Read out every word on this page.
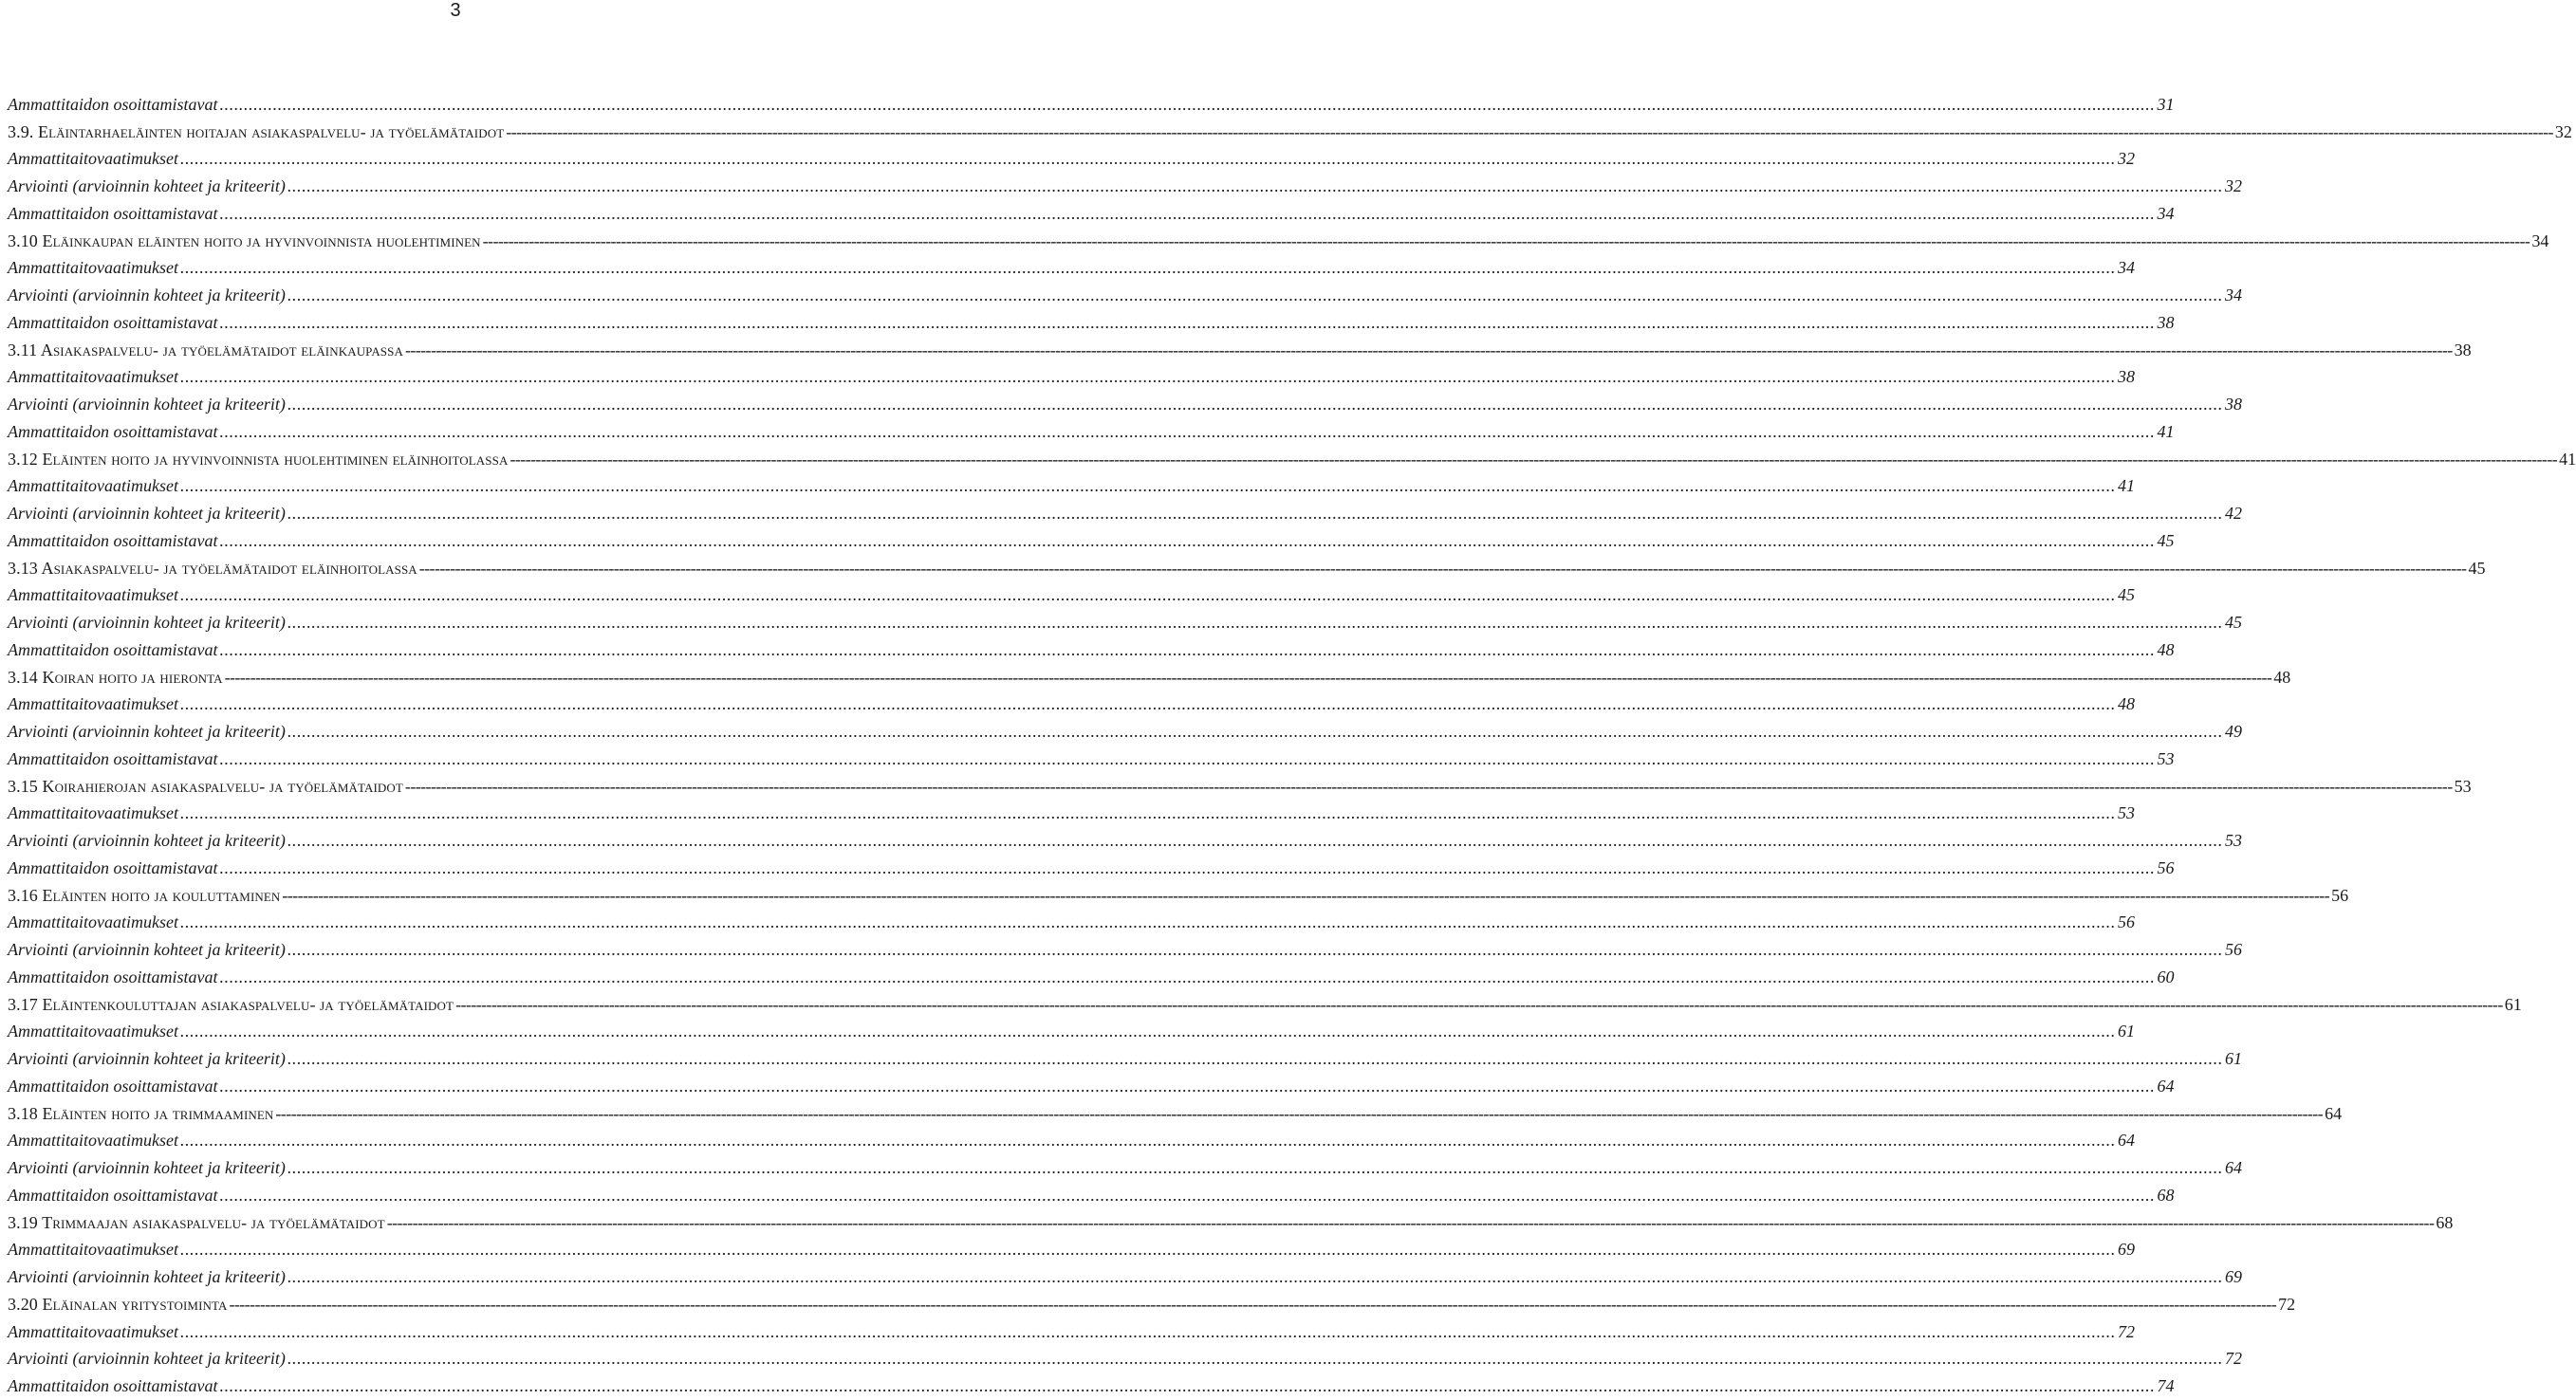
3
Ammattitaidon osoittamistavat ................................................................................................................................................................................................................................................................................................................................................................................................................ 31
3.9. Eläintarhaeläinten hoitajan asiakaspalvelu- ja työelämätaidot ---------------------------------------------------------------------------------------------------------------------------------------------------------------------------------------------------------------------------------------------------------------------------------------------------------------------------------------------------------------------------------------------------------------- 32
Ammattitaitovaatimukset ................................................................................................................................................................................................................................................................................................................................................................................................................ 32
Arviointi (arvioinnin kohteet ja kriteerit) ................................................................................................................................................................................................................................................................................................................................................................................................................ 32
Ammattitaidon osoittamistavat ................................................................................................................................................................................................................................................................................................................................................................................................................ 34
3.10 Eläinkaupan eläinten hoito ja hyvinvoinnista huolehtiminen ---------------------------------------------------------------------------------------------------------------------------------------------------------------------------------------------------------------------------------------------------------------------------------------------------------------------------------------------------------------------------------------------------------------- 34
Ammattitaitovaatimukset ................................................................................................................................................................................................................................................................................................................................................................................................................ 34
Arviointi (arvioinnin kohteet ja kriteerit) ................................................................................................................................................................................................................................................................................................................................................................................................................ 34
Ammattitaidon osoittamistavat ................................................................................................................................................................................................................................................................................................................................................................................................................ 38
3.11 Asiakaspalvelu- ja työelämätaidot eläinkaupassa ---------------------------------------------------------------------------------------------------------------------------------------------------------------------------------------------------------------------------------------------------------------------------------------------------------------------------------------------------------------------------------------------------------------- 38
Ammattitaitovaatimukset ................................................................................................................................................................................................................................................................................................................................................................................................................ 38
Arviointi (arvioinnin kohteet ja kriteerit) ................................................................................................................................................................................................................................................................................................................................................................................................................ 38
Ammattitaidon osoittamistavat ................................................................................................................................................................................................................................................................................................................................................................................................................ 41
3.12 Eläinten hoito ja hyvinvoinnista huolehtiminen eläinhoitolassa ---------------------------------------------------------------------------------------------------------------------------------------------------------------------------------------------------------------------------------------------------------------------------------------------------------------------------------------------------------------------------------------------------------------- 41
Ammattitaitovaatimukset ................................................................................................................................................................................................................................................................................................................................................................................................................ 41
Arviointi (arvioinnin kohteet ja kriteerit) ................................................................................................................................................................................................................................................................................................................................................................................................................ 42
Ammattitaidon osoittamistavat ................................................................................................................................................................................................................................................................................................................................................................................................................ 45
3.13 Asiakaspalvelu- ja työelämätaidot eläinhoitolassa ---------------------------------------------------------------------------------------------------------------------------------------------------------------------------------------------------------------------------------------------------------------------------------------------------------------------------------------------------------------------------------------------------------------- 45
Ammattitaitovaatimukset ................................................................................................................................................................................................................................................................................................................................................................................................................ 45
Arviointi (arvioinnin kohteet ja kriteerit) ................................................................................................................................................................................................................................................................................................................................................................................................................ 45
Ammattitaidon osoittamistavat ................................................................................................................................................................................................................................................................................................................................................................................................................ 48
3.14 Koiran hoito ja hieronta ---------------------------------------------------------------------------------------------------------------------------------------------------------------------------------------------------------------------------------------------------------------------------------------------------------------------------------------------------------------------------------------------------------------- 48
Ammattitaitovaatimukset ................................................................................................................................................................................................................................................................................................................................................................................................................ 48
Arviointi (arvioinnin kohteet ja kriteerit) ................................................................................................................................................................................................................................................................................................................................................................................................................ 49
Ammattitaidon osoittamistavat ................................................................................................................................................................................................................................................................................................................................................................................................................ 53
3.15 Koirahierojan asiakaspalvelu- ja työelämätaidot ---------------------------------------------------------------------------------------------------------------------------------------------------------------------------------------------------------------------------------------------------------------------------------------------------------------------------------------------------------------------------------------------------------------- 53
Ammattitaitovaatimukset ................................................................................................................................................................................................................................................................................................................................................................................................................ 53
Arviointi (arvioinnin kohteet ja kriteerit) ................................................................................................................................................................................................................................................................................................................................................................................................................ 53
Ammattitaidon osoittamistavat ................................................................................................................................................................................................................................................................................................................................................................................................................ 56
3.16 Eläinten hoito ja kouluttaminen ---------------------------------------------------------------------------------------------------------------------------------------------------------------------------------------------------------------------------------------------------------------------------------------------------------------------------------------------------------------------------------------------------------------- 56
Ammattitaitovaatimukset ................................................................................................................................................................................................................................................................................................................................................................................................................ 56
Arviointi (arvioinnin kohteet ja kriteerit) ................................................................................................................................................................................................................................................................................................................................................................................................................ 56
Ammattitaidon osoittamistavat ................................................................................................................................................................................................................................................................................................................................................................................................................ 60
3.17 Eläintenkouluttajan asiakaspalvelu- ja työelämätaidot ---------------------------------------------------------------------------------------------------------------------------------------------------------------------------------------------------------------------------------------------------------------------------------------------------------------------------------------------------------------------------------------------------------------- 61
Ammattitaitovaatimukset ................................................................................................................................................................................................................................................................................................................................................................................................................ 61
Arviointi (arvioinnin kohteet ja kriteerit) ................................................................................................................................................................................................................................................................................................................................................................................................................ 61
Ammattitaidon osoittamistavat ................................................................................................................................................................................................................................................................................................................................................................................................................ 64
3.18 Eläinten hoito ja trimmaaminen ---------------------------------------------------------------------------------------------------------------------------------------------------------------------------------------------------------------------------------------------------------------------------------------------------------------------------------------------------------------------------------------------------------------- 64
Ammattitaitovaatimukset ................................................................................................................................................................................................................................................................................................................................................................................................................ 64
Arviointi (arvioinnin kohteet ja kriteerit) ................................................................................................................................................................................................................................................................................................................................................................................................................ 64
Ammattitaidon osoittamistavat ................................................................................................................................................................................................................................................................................................................................................................................................................ 68
3.19 Trimmaajan asiakaspalvelu- ja työelämätaidot ---------------------------------------------------------------------------------------------------------------------------------------------------------------------------------------------------------------------------------------------------------------------------------------------------------------------------------------------------------------------------------------------------------------- 68
Ammattitaitovaatimukset ................................................................................................................................................................................................................................................................................................................................................................................................................ 69
Arviointi (arvioinnin kohteet ja kriteerit) ................................................................................................................................................................................................................................................................................................................................................................................................................ 69
3.20 Eläinalan yritystoiminta ---------------------------------------------------------------------------------------------------------------------------------------------------------------------------------------------------------------------------------------------------------------------------------------------------------------------------------------------------------------------------------------------------------------- 72
Ammattitaitovaatimukset ................................................................................................................................................................................................................................................................................................................................................................................................................ 72
Arviointi (arvioinnin kohteet ja kriteerit) ................................................................................................................................................................................................................................................................................................................................................................................................................ 72
Ammattitaidon osoittamistavat ................................................................................................................................................................................................................................................................................................................................................................................................................ 74
